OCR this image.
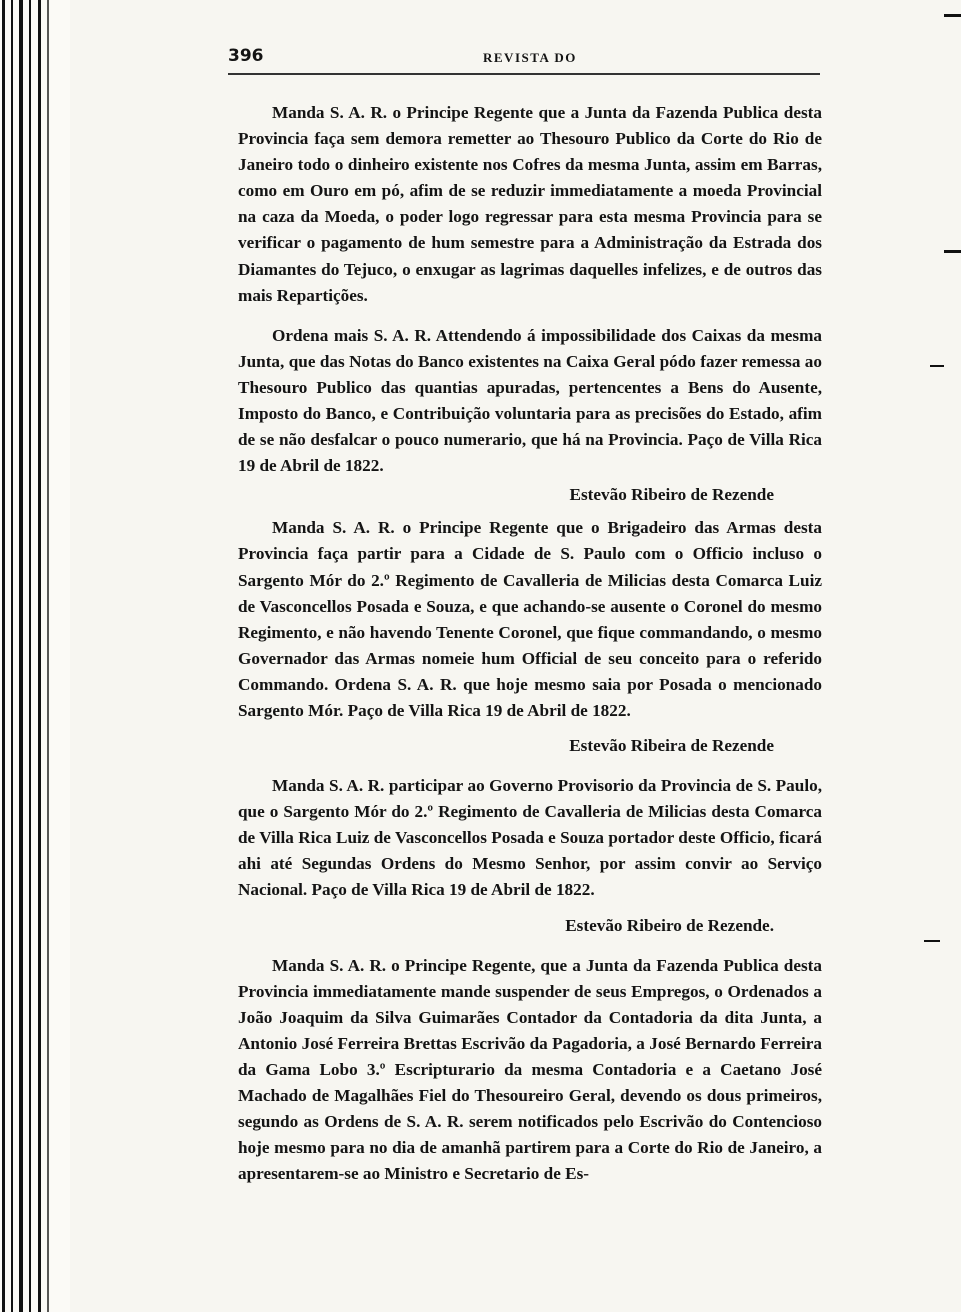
396	REVISTA DO

Manda S. A. R. o Principe Regente que a Junta da Fazenda Publica desta Provincia faça sem demora remetter ao Thesouro Publico da Corte do Rio de Janeiro todo o dinheiro existente nos Cofres da mesma Junta, assim em Barras, como em Ouro em pó, afim de se reduzir immediatamente a moeda Provincial na caza da Moeda, o poder logo regressar para esta mesma Provincia para se verificar o pagamento de hum semestre para a Administração da Estrada dos Diamantes do Tejuco, o enxugar as lagrimas daquelles infelizes, e de outros das mais Repartições.

Ordena mais S. A. R. Attendendo á impossibilidade dos Caixas da mesma Junta, que das Notas do Banco existentes na Caixa Geral pódo fazer remessa ao Thesouro Publico das quantias apuradas, pertencentes a Bens do Ausente, Imposto do Banco, e Contribuição voluntaria para as precisões do Estado, afim de se não desfalcar o pouco numerario, que há na Provincia. Paço de Villa Rica 19 de Abril de 1822.

Estevão Ribeiro de Rezende

Manda S. A. R. o Principe Regente que o Brigadeiro das Armas desta Provincia faça partir para a Cidade de S. Paulo com o Officio incluso o Sargento Mór do 2.º Regimento de Cavalleria de Milicias desta Comarca Luiz de Vasconcellos Posada e Souza, e que achando-se ausente o Coronel do mesmo Regimento, e não havendo Tenente Coronel, que fique commandando, o mesmo Governador das Armas nomeie hum Official de seu conceito para o referido Commando. Ordena S. A. R. que hoje mesmo saia por Posada o mencionado Sargento Mór. Paço de Villa Rica 19 de Abril de 1822.

Estevão Ribeira de Rezende

Manda S. A. R. participar ao Governo Provisorio da Provincia de S. Paulo, que o Sargento Mór do 2.º Regimento de Cavalleria de Milicias desta Comarca de Villa Rica Luiz de Vasconcellos Posada e Souza portador deste Officio, ficará ahi até Segundas Ordens do Mesmo Senhor, por assim convir ao Serviço Nacional. Paço de Villa Rica 19 de Abril de 1822.

Estevão Ribeiro de Rezende.

Manda S. A. R. o Principe Regente, que a Junta da Fazenda Publica desta Provincia immediatamente mande suspender de seus Empregos, o Ordenados a João Joaquim da Silva Guimarães Contador da Contadoria da dita Junta, a Antonio José Ferreira Brettas Escrivão da Pagadoria, a José Bernardo Ferreira da Gama Lobo 3.º Escripturario da mesma Contadoria e a Caetano José Machado de Magalhães Fiel do Thesoureiro Geral, devendo os dous primeiros, segundo as Ordens de S. A. R. serem notificados pelo Escrivão do Contencioso hoje mesmo para no dia de amanhã partirem para a Corte do Rio de Janeiro, a apresentarem-se ao Ministro e Secretario de Es-
